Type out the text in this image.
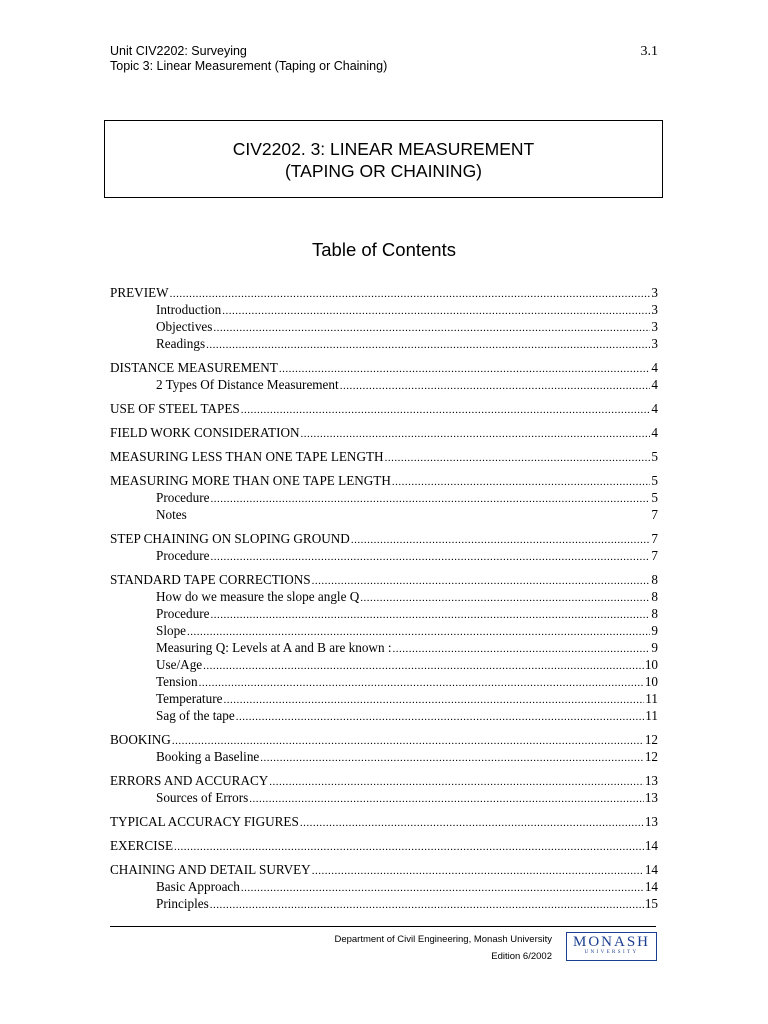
Unit CIV2202: Surveying
Topic 3: Linear Measurement (Taping or Chaining)
3.1
CIV2202. 3: LINEAR MEASUREMENT
(TAPING OR CHAINING)
Table of Contents
PREVIEW .....	3
Introduction .....	3
Objectives .....	3
Readings .....	3
DISTANCE MEASUREMENT .....	4
2 Types Of Distance Measurement .....	4
USE OF STEEL TAPES .....	4
FIELD WORK CONSIDERATION .....	4
MEASURING LESS THAN ONE TAPE LENGTH .....	5
MEASURING MORE THAN ONE TAPE LENGTH .....	5
Procedure .....	5
Notes	7
STEP CHAINING ON SLOPING GROUND .....	7
Procedure .....	7
STANDARD TAPE CORRECTIONS .....	8
How do we measure the slope angle Q .....	8
Procedure .....	8
Slope .....	9
Measuring Q: Levels at A and B are known : .....	9
Use/Age .....	10
Tension .....	10
Temperature .....	11
Sag of the tape .....	11
BOOKING .....	12
Booking a Baseline .....	12
ERRORS AND ACCURACY .....	13
Sources of Errors .....	13
TYPICAL ACCURACY FIGURES .....	13
EXERCISE .....	14
CHAINING AND DETAIL SURVEY .....	14
Basic Approach .....	14
Principles .....	15
Department of Civil Engineering, Monash University
Edition 6/2002
MONASH
UNIVERSITY
